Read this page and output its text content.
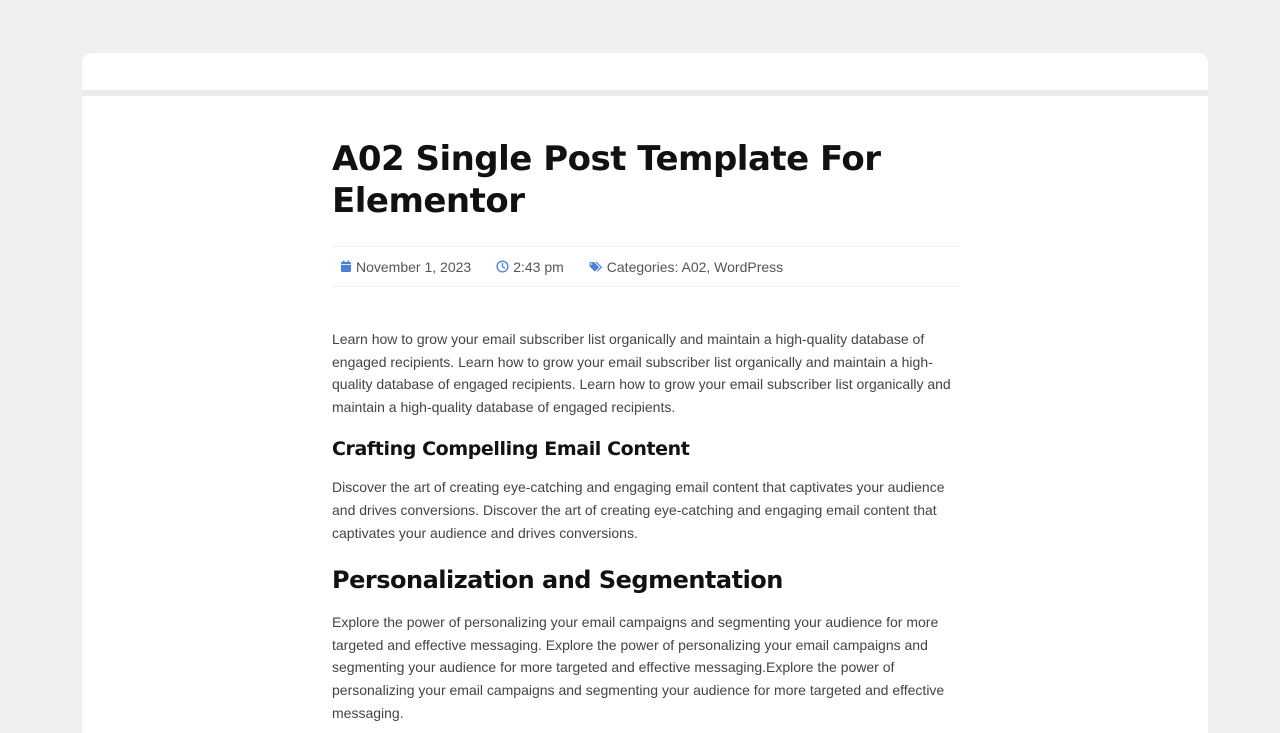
A02 Single Post Template For Elementor
November 1, 2023	2:43 pm	Categories: A02, WordPress

Learn how to grow your email subscriber list organically and maintain a high-quality database of engaged recipients. Learn how to grow your email subscriber list organically and maintain a high-quality database of engaged recipients. Learn how to grow your email subscriber list organically and maintain a high-quality database of engaged recipients.

Crafting Compelling Email Content

Discover the art of creating eye-catching and engaging email content that captivates your audience and drives conversions. Discover the art of creating eye-catching and engaging email content that captivates your audience and drives conversions.

Personalization and Segmentation

Explore the power of personalizing your email campaigns and segmenting your audience for more targeted and effective messaging. Explore the power of personalizing your email campaigns and segmenting your audience for more targeted and effective messaging.Explore the power of personalizing your email campaigns and segmenting your audience for more targeted and effective messaging.
